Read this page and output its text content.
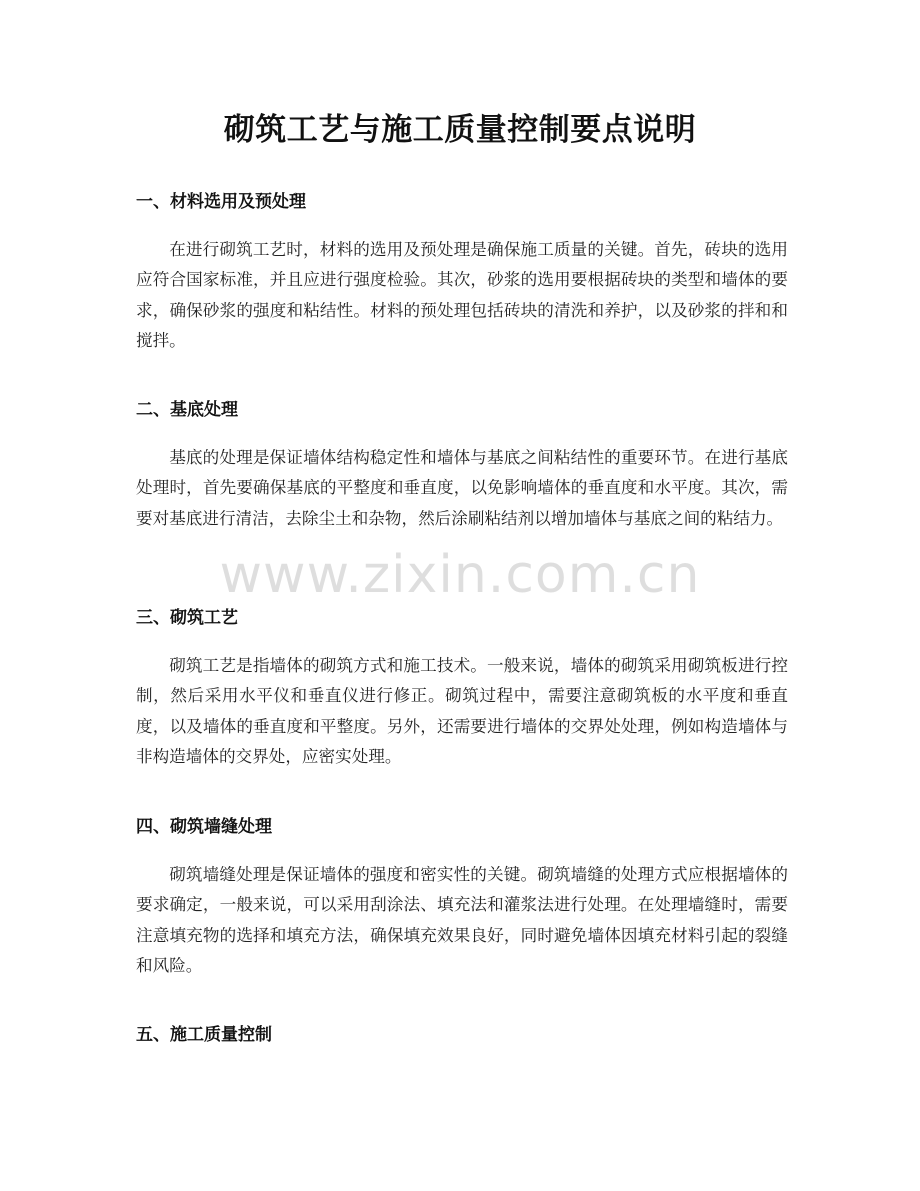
砌筑工艺与施工质量控制要点说明
一、材料选用及预处理

在进行砌筑工艺时，材料的选用及预处理是确保施工质量的关键。首先，砖块的选用应符合国家标准，并且应进行强度检验。其次，砂浆的选用要根据砖块的类型和墙体的要求，确保砂浆的强度和粘结性。材料的预处理包括砖块的清洗和养护，以及砂浆的拌和和搅拌。

二、基底处理

基底的处理是保证墙体结构稳定性和墙体与基底之间粘结性的重要环节。在进行基底处理时，首先要确保基底的平整度和垂直度，以免影响墙体的垂直度和水平度。其次，需要对基底进行清洁，去除尘土和杂物，然后涂刷粘结剂以增加墙体与基底之间的粘结力。

三、砌筑工艺

砌筑工艺是指墙体的砌筑方式和施工技术。一般来说，墙体的砌筑采用砌筑板进行控制，然后采用水平仪和垂直仪进行修正。砌筑过程中，需要注意砌筑板的水平度和垂直度，以及墙体的垂直度和平整度。另外，还需要进行墙体的交界处处理，例如构造墙体与非构造墙体的交界处，应密实处理。

四、砌筑墙缝处理

砌筑墙缝处理是保证墙体的强度和密实性的关键。砌筑墙缝的处理方式应根据墙体的要求确定，一般来说，可以采用刮涂法、填充法和灌浆法进行处理。在处理墙缝时，需要注意填充物的选择和填充方法，确保填充效果良好，同时避免墙体因填充材料引起的裂缝和风险。

五、施工质量控制
www.zixin.com.cn
